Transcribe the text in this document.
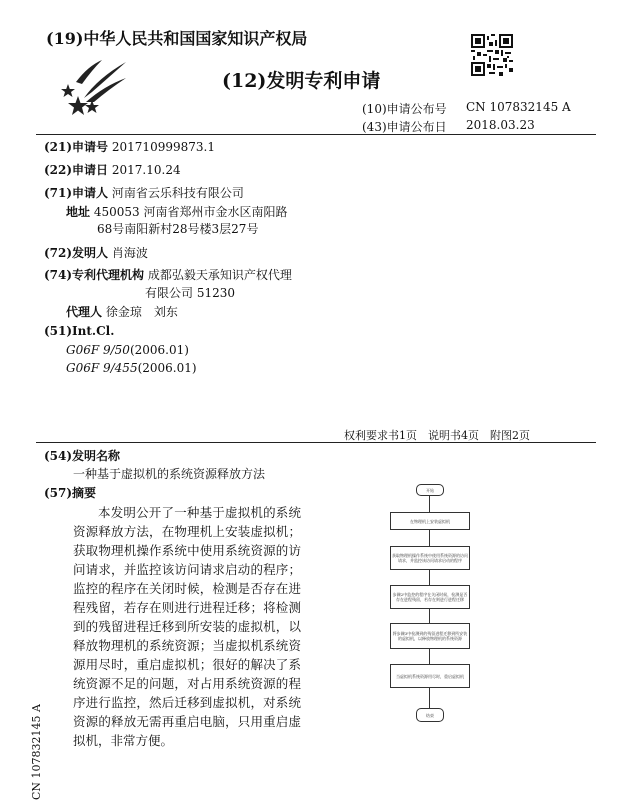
(19)中华人民共和国国家知识产权局
(12)发明专利申请
(10)申请公布号 CN 107832145 A
(43)申请公布日 2018.03.23
(21)申请号 201710999873.1
(22)申请日 2017.10.24
(71)申请人 河南省云乐科技有限公司
地址 450053 河南省郑州市金水区南阳路
68号南阳新村28号楼3层27号
(72)发明人 肖海波
(74)专利代理机构 成都弘毅天承知识产权代理
有限公司 51230
代理人 徐金琼　刘东
(51)Int.Cl.
G06F 9/50(2006.01)
G06F 9/455(2006.01)
权利要求书1页　说明书4页　附图2页
(54)发明名称
一种基于虚拟机的系统资源释放方法
(57)摘要
本发明公开了一种基于虚拟机的系统资源释放方法，在物理机上安装虚拟机；获取物理机操作系统中使用系统资源的访问请求，并监控该访问请求启动的程序；监控的程序在关闭时候，检测是否存在进程残留，若存在则进行进程迁移；将检测到的残留进程迁移到所安装的虚拟机，以释放物理机的系统资源；当虚拟机系统资源用尽时，重启虚拟机；很好的解决了系统资源不足的问题，对占用系统资源的程序进行监控，然后迁移到虚拟机，对系统资源的释放无需再重启电脑，只用重启虚拟机，非常方便。
开始
在物理机上安装虚拟机
获取物理机操作系统中使用系统资源的访问请求，并监控该访问请求启动的程序
步骤2中监控的程序在关闭时候，检测是否存在进程残留，若存在则进行进程迁移
将步骤3中检测到的残留进程迁移到所安装的虚拟机，以释放物理机的系统资源
当虚拟机系统资源用尽时，重启虚拟机
结束
CN 107832145 A
